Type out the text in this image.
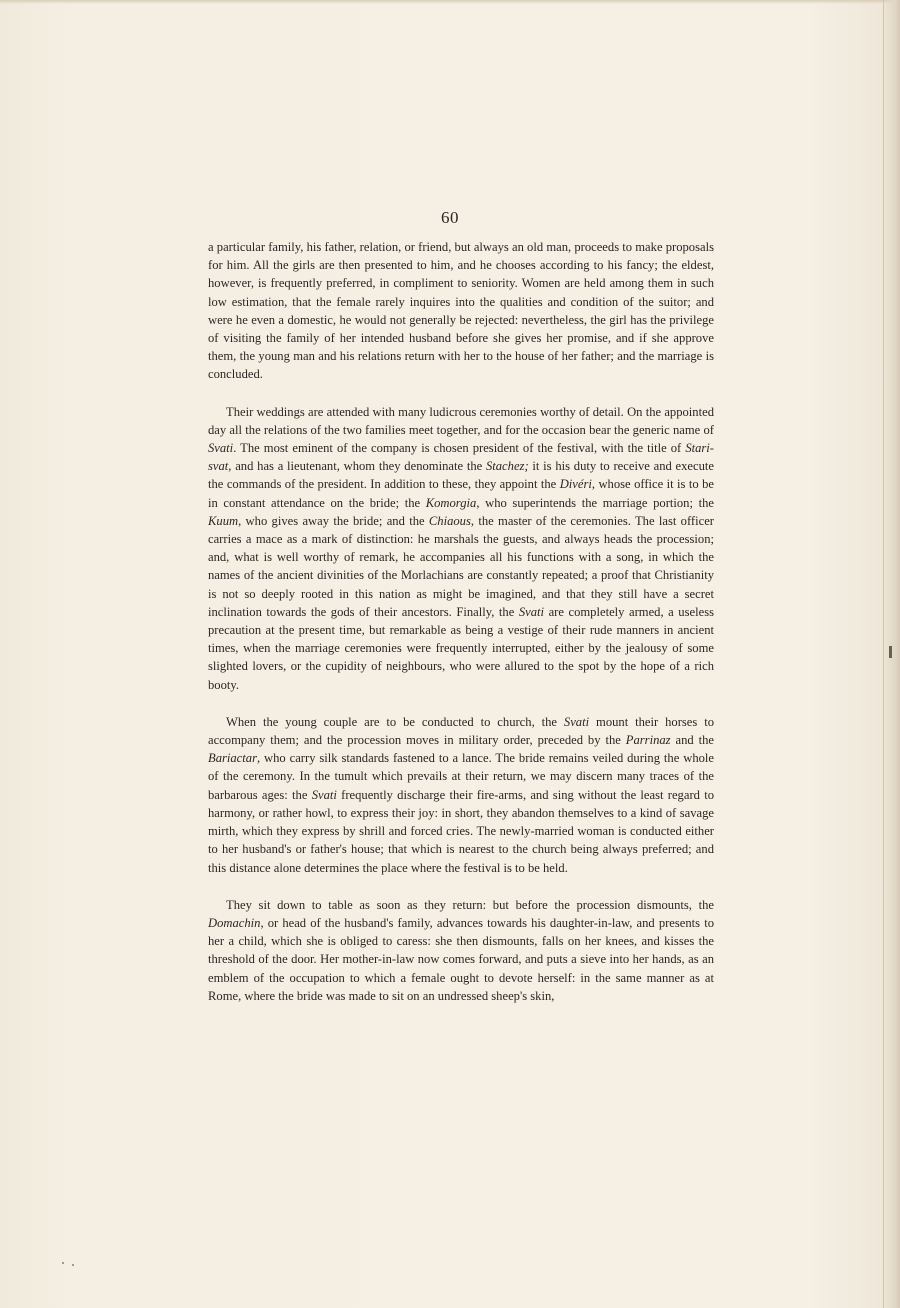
60

a particular family, his father, relation, or friend, but always an old man, proceeds to make proposals for him. All the girls are then presented to him, and he chooses according to his fancy; the eldest, however, is frequently preferred, in compliment to seniority. Women are held among them in such low estimation, that the female rarely inquires into the qualities and condition of the suitor; and were he even a domestic, he would not generally be rejected: nevertheless, the girl has the privilege of visiting the family of her intended husband before she gives her promise, and if she approve them, the young man and his relations return with her to the house of her father; and the marriage is concluded.

Their weddings are attended with many ludicrous ceremonies worthy of detail. On the appointed day all the relations of the two families meet together, and for the occasion bear the generic name of Svati. The most eminent of the company is chosen president of the festival, with the title of Stari-svat, and has a lieutenant, whom they denominate the Stachez; it is his duty to receive and execute the commands of the president. In addition to these, they appoint the Divéri, whose office it is to be in constant attendance on the bride; the Komorgia, who superintends the marriage portion; the Kuum, who gives away the bride; and the Chiaous, the master of the ceremonies. The last officer carries a mace as a mark of distinction: he marshals the guests, and always heads the procession; and, what is well worthy of remark, he accompanies all his functions with a song, in which the names of the ancient divinities of the Morlachians are constantly repeated; a proof that Christianity is not so deeply rooted in this nation as might be imagined, and that they still have a secret inclination towards the gods of their ancestors. Finally, the Svati are completely armed, a useless precaution at the present time, but remarkable as being a vestige of their rude manners in ancient times, when the marriage ceremonies were frequently interrupted, either by the jealousy of some slighted lovers, or the cupidity of neighbours, who were allured to the spot by the hope of a rich booty.

When the young couple are to be conducted to church, the Svati mount their horses to accompany them; and the procession moves in military order, preceded by the Parrinaz and the Bariactar, who carry silk standards fastened to a lance. The bride remains veiled during the whole of the ceremony. In the tumult which prevails at their return, we may discern many traces of the barbarous ages: the Svati frequently discharge their fire-arms, and sing without the least regard to harmony, or rather howl, to express their joy: in short, they abandon themselves to a kind of savage mirth, which they express by shrill and forced cries. The newly-married woman is conducted either to her husband's or father's house; that which is nearest to the church being always preferred; and this distance alone determines the place where the festival is to be held.

They sit down to table as soon as they return: but before the procession dismounts, the Domachin, or head of the husband's family, advances towards his daughter-in-law, and presents to her a child, which she is obliged to caress: she then dismounts, falls on her knees, and kisses the threshold of the door. Her mother-in-law now comes forward, and puts a sieve into her hands, as an emblem of the occupation to which a female ought to devote herself: in the same manner as at Rome, where the bride was made to sit on an undressed sheep's skin,
